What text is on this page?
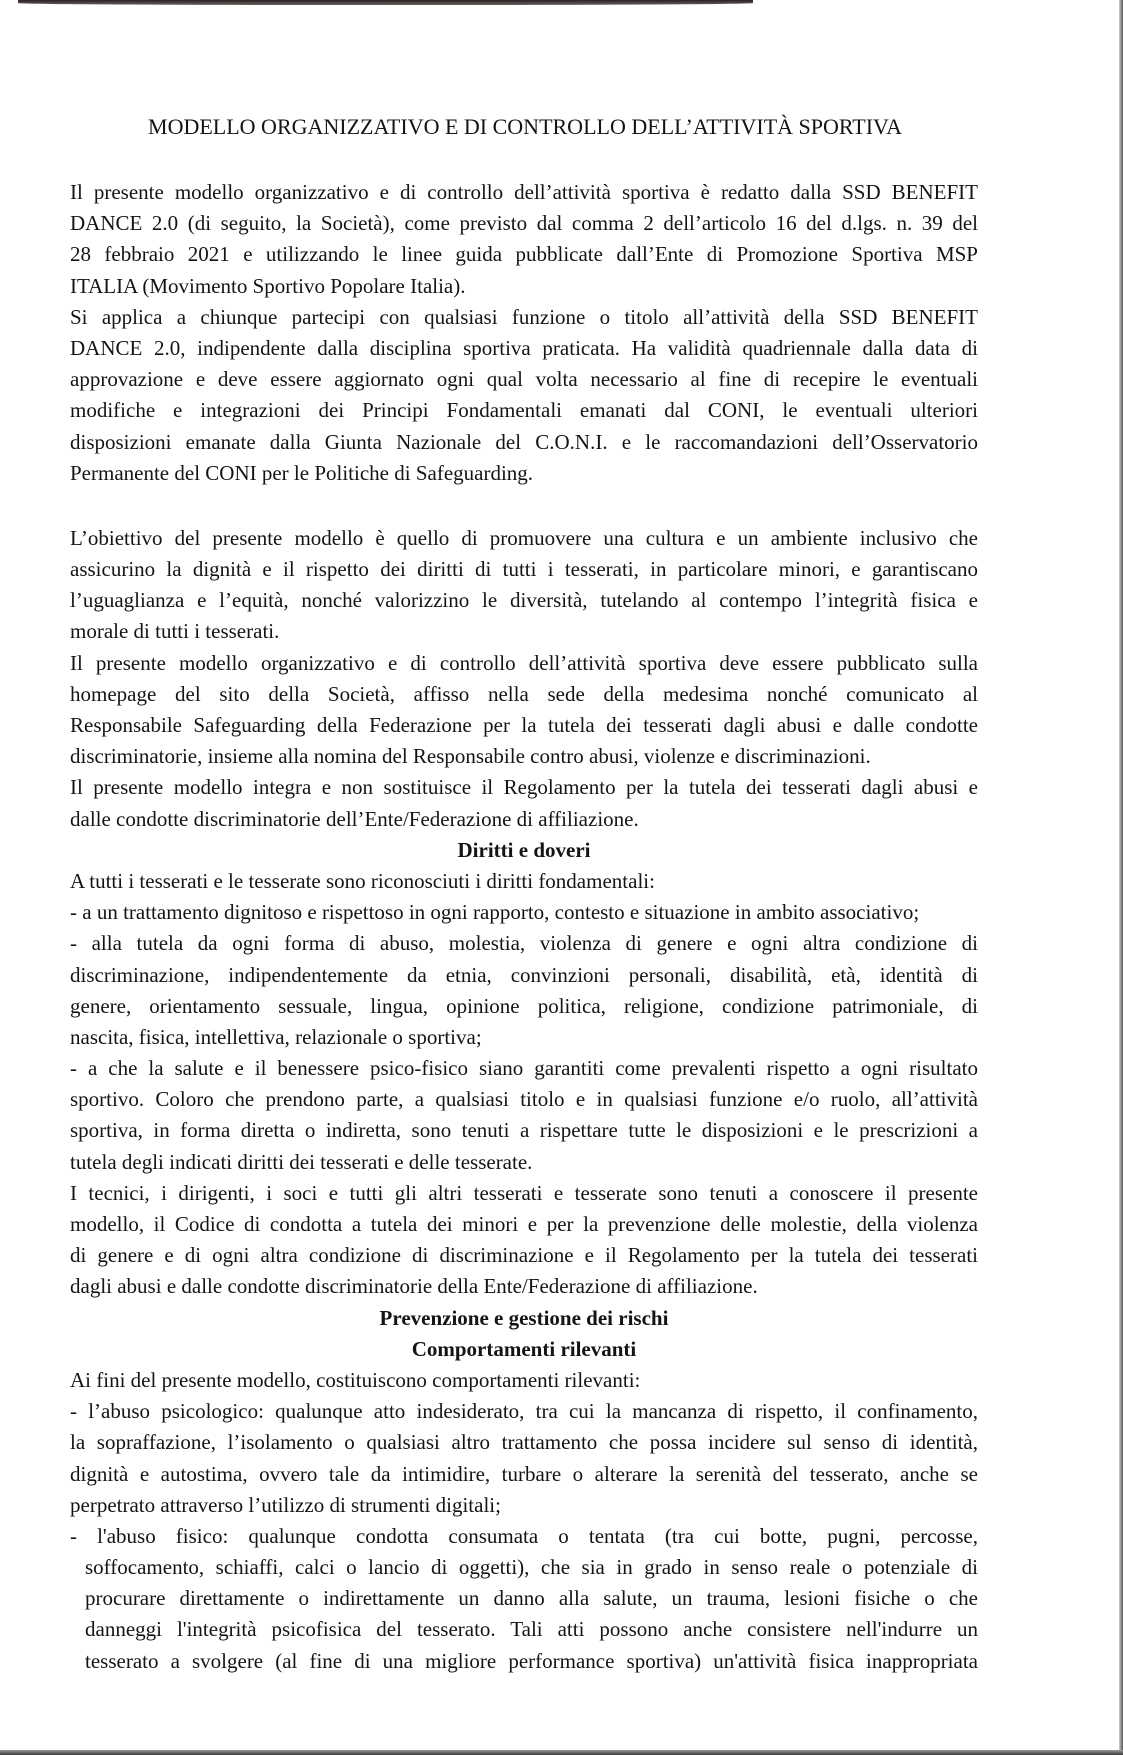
MODELLO ORGANIZZATIVO E DI CONTROLLO DELL’ATTIVITÀ SPORTIVA
Il presente modello organizzativo e di controllo dell’attività sportiva è redatto dalla SSD BENEFIT
DANCE 2.0 (di seguito, la Società), come previsto dal comma 2 dell’articolo 16 del d.lgs. n. 39 del
28 febbraio 2021 e utilizzando le linee guida pubblicate dall’Ente di Promozione Sportiva MSP
ITALIA (Movimento Sportivo Popolare Italia).
Si applica a chiunque partecipi con qualsiasi funzione o titolo all’attività della SSD BENEFIT
DANCE 2.0, indipendente dalla disciplina sportiva praticata. Ha validità quadriennale dalla data di
approvazione e deve essere aggiornato ogni qual volta necessario al fine di recepire le eventuali
modifiche e integrazioni dei Principi Fondamentali emanati dal CONI, le eventuali ulteriori
disposizioni emanate dalla Giunta Nazionale del C.O.N.I. e le raccomandazioni dell’Osservatorio
Permanente del CONI per le Politiche di Safeguarding.
L’obiettivo del presente modello è quello di promuovere una cultura e un ambiente inclusivo che
assicurino la dignità e il rispetto dei diritti di tutti i tesserati, in particolare minori, e garantiscano
l’uguaglianza e l’equità, nonché valorizzino le diversità, tutelando al contempo l’integrità fisica e
morale di tutti i tesserati.
Il presente modello organizzativo e di controllo dell’attività sportiva deve essere pubblicato sulla
homepage del sito della Società, affisso nella sede della medesima nonché comunicato al
Responsabile Safeguarding della Federazione per la tutela dei tesserati dagli abusi e dalle condotte
discriminatorie, insieme alla nomina del Responsabile contro abusi, violenze e discriminazioni.
Il presente modello integra e non sostituisce il Regolamento per la tutela dei tesserati dagli abusi e
dalle condotte discriminatorie dell’Ente/Federazione di affiliazione.
Diritti e doveri
A tutti i tesserati e le tesserate sono riconosciuti i diritti fondamentali:
- a un trattamento dignitoso e rispettoso in ogni rapporto, contesto e situazione in ambito associativo;
- alla tutela da ogni forma di abuso, molestia, violenza di genere e ogni altra condizione di
discriminazione, indipendentemente da etnia, convinzioni personali, disabilità, età, identità di
genere, orientamento sessuale, lingua, opinione politica, religione, condizione patrimoniale, di
nascita, fisica, intellettiva, relazionale o sportiva;
- a che la salute e il benessere psico-fisico siano garantiti come prevalenti rispetto a ogni risultato
sportivo. Coloro che prendono parte, a qualsiasi titolo e in qualsiasi funzione e/o ruolo, all’attività
sportiva, in forma diretta o indiretta, sono tenuti a rispettare tutte le disposizioni e le prescrizioni a
tutela degli indicati diritti dei tesserati e delle tesserate.
I tecnici, i dirigenti, i soci e tutti gli altri tesserati e tesserate sono tenuti a conoscere il presente
modello, il Codice di condotta a tutela dei minori e per la prevenzione delle molestie, della violenza
di genere e di ogni altra condizione di discriminazione e il Regolamento per la tutela dei tesserati
dagli abusi e dalle condotte discriminatorie della Ente/Federazione di affiliazione.
Prevenzione e gestione dei rischi
Comportamenti rilevanti
Ai fini del presente modello, costituiscono comportamenti rilevanti:
- l’abuso psicologico: qualunque atto indesiderato, tra cui la mancanza di rispetto, il confinamento,
la sopraffazione, l’isolamento o qualsiasi altro trattamento che possa incidere sul senso di identità,
dignità e autostima, ovvero tale da intimidire, turbare o alterare la serenità del tesserato, anche se
perpetrato attraverso l’utilizzo di strumenti digitali;
- l'abuso fisico: qualunque condotta consumata o tentata (tra cui botte, pugni, percosse,
soffocamento, schiaffi, calci o lancio di oggetti), che sia in grado in senso reale o potenziale di
procurare direttamente o indirettamente un danno alla salute, un trauma, lesioni fisiche o che
danneggi l'integrità psicofisica del tesserato. Tali atti possono anche consistere nell'indurre un
tesserato a svolgere (al fine di una migliore performance sportiva) un'attività fisica inappropriata
